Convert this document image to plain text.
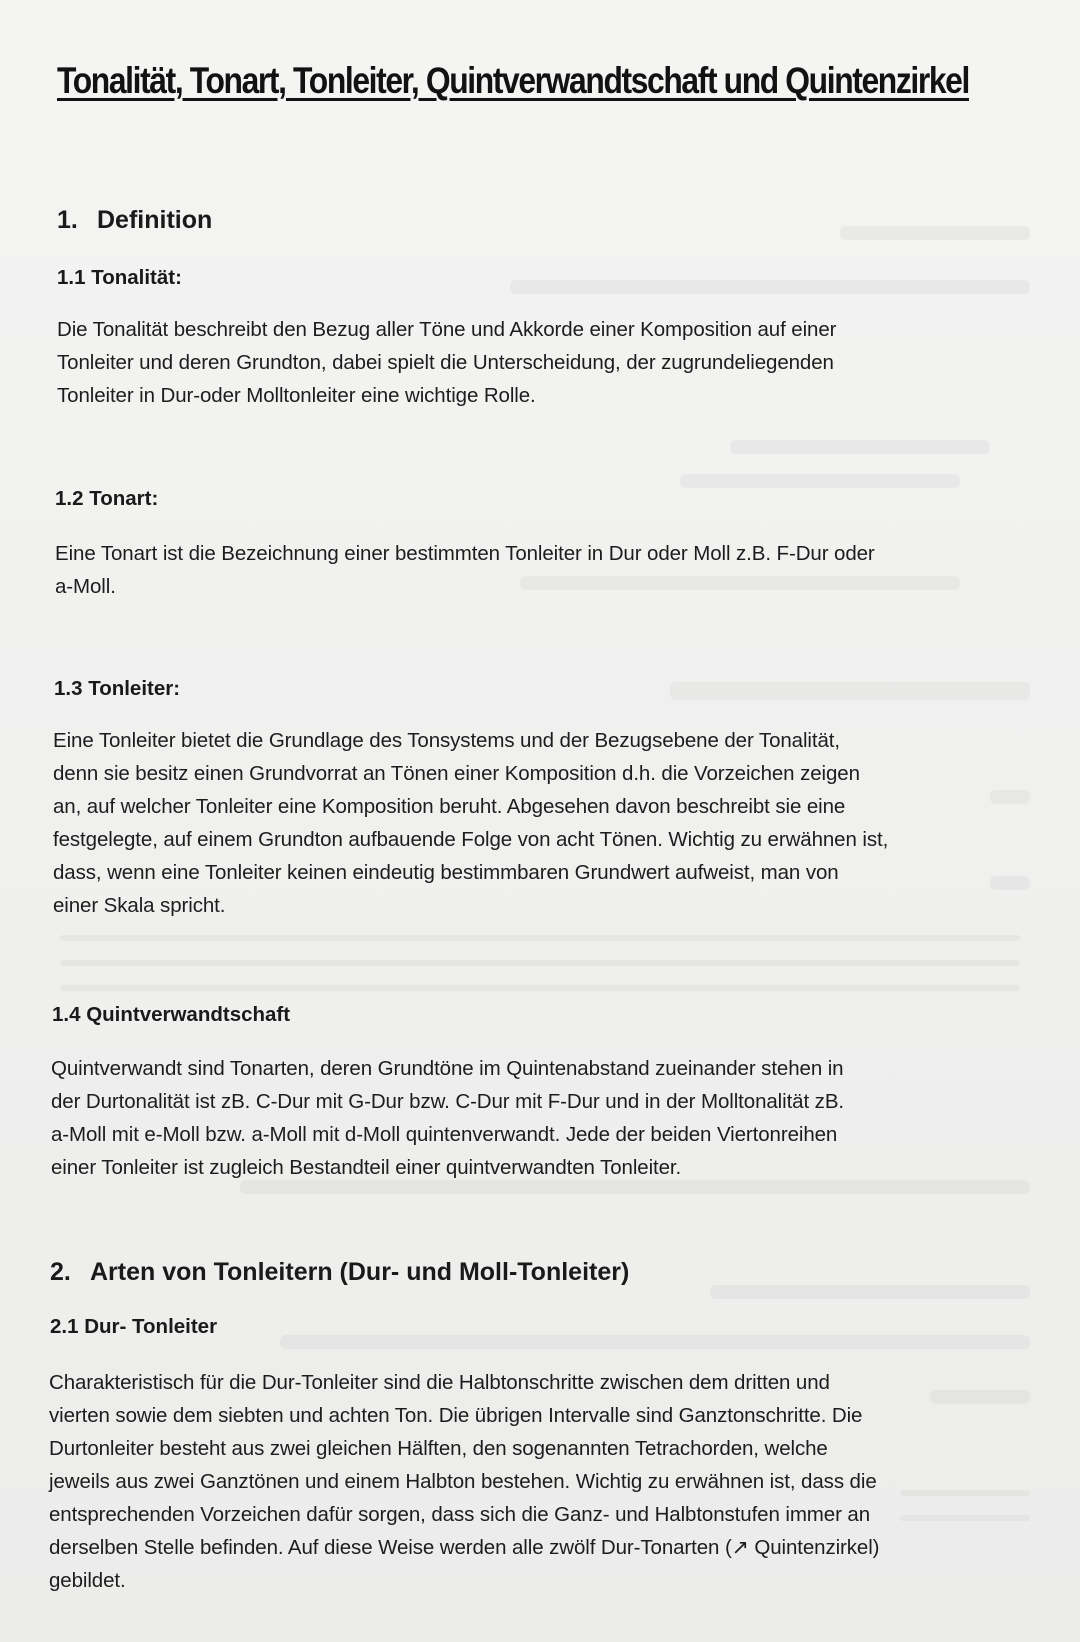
Tonalität, Tonart, Tonleiter, Quintverwandtschaft und Quintenzirkel
1. Definition
1.1 Tonalität:
Die Tonalität beschreibt den Bezug aller Töne und Akkorde einer Komposition auf einer
Tonleiter und deren Grundton, dabei spielt die Unterscheidung, der zugrundeliegenden
Tonleiter in Dur-oder Molltonleiter eine wichtige Rolle.
1.2 Tonart:
Eine Tonart ist die Bezeichnung einer bestimmten Tonleiter in Dur oder Moll z.B. F-Dur oder
a-Moll.
1.3 Tonleiter:
Eine Tonleiter bietet die Grundlage des Tonsystems und der Bezugsebene der Tonalität,
denn sie besitz einen Grundvorrat an Tönen einer Komposition d.h. die Vorzeichen zeigen
an, auf welcher Tonleiter eine Komposition beruht. Abgesehen davon beschreibt sie eine
festgelegte, auf einem Grundton aufbauende Folge von acht Tönen. Wichtig zu erwähnen ist,
dass, wenn eine Tonleiter keinen eindeutig bestimmbaren Grundwert aufweist, man von
einer Skala spricht.
1.4 Quintverwandtschaft
Quintverwandt sind Tonarten, deren Grundtöne im Quintenabstand zueinander stehen in
der Durtonalität ist zB. C-Dur mit G-Dur bzw. C-Dur mit F-Dur und in der Molltonalität zB.
a-Moll mit e-Moll bzw. a-Moll mit d-Moll quintenverwandt. Jede der beiden Viertonreihen
einer Tonleiter ist zugleich Bestandteil einer quintverwandten Tonleiter.
2. Arten von Tonleitern (Dur- und Moll-Tonleiter)
2.1 Dur- Tonleiter
Charakteristisch für die Dur-Tonleiter sind die Halbtonschritte zwischen dem dritten und
vierten sowie dem siebten und achten Ton. Die übrigen Intervalle sind Ganztonschritte. Die
Durtonleiter besteht aus zwei gleichen Hälften, den sogenannten Tetrachorden, welche
jeweils aus zwei Ganztönen und einem Halbton bestehen. Wichtig zu erwähnen ist, dass die
entsprechenden Vorzeichen dafür sorgen, dass sich die Ganz- und Halbtonstufen immer an
derselben Stelle befinden. Auf diese Weise werden alle zwölf Dur-Tonarten (↗ Quintenzirkel)
gebildet.
